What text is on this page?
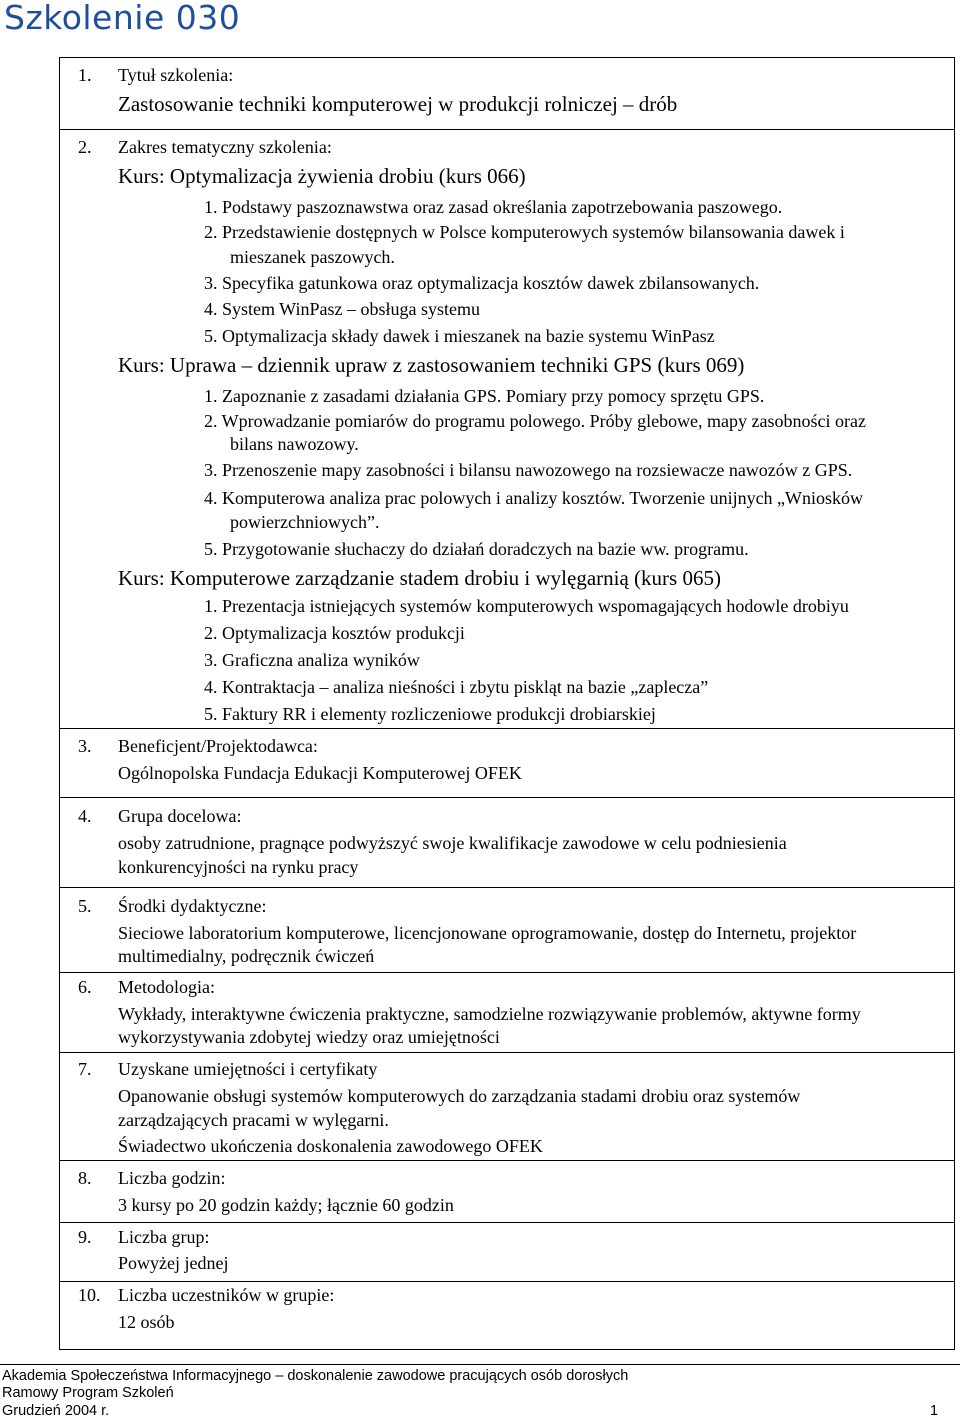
Szkolenie 030
1. Tytuł szkolenia:
Zastosowanie techniki komputerowej w produkcji rolniczej – drób
2. Zakres tematyczny szkolenia:
Kurs: Optymalizacja żywienia drobiu (kurs 066)
1. Podstawy paszoznawstwa oraz zasad określania zapotrzebowania paszowego.
2. Przedstawienie dostępnych w Polsce komputerowych systemów bilansowania dawek i
mieszanek paszowych.
3. Specyfika gatunkowa oraz optymalizacja kosztów dawek zbilansowanych.
4. System WinPasz – obsługa systemu
5. Optymalizacja składy dawek i mieszanek na bazie systemu WinPasz
Kurs: Uprawa – dziennik upraw z zastosowaniem techniki GPS (kurs 069)
1. Zapoznanie z zasadami działania GPS. Pomiary przy pomocy sprzętu GPS.
2. Wprowadzanie pomiarów do programu polowego. Próby glebowe, mapy zasobności oraz
bilans nawozowy.
3. Przenoszenie mapy zasobności i bilansu nawozowego na rozsiewacze nawozów z GPS.
4. Komputerowa analiza prac polowych i analizy kosztów. Tworzenie unijnych „Wniosków
powierzchniowych”.
5. Przygotowanie słuchaczy do działań doradczych na bazie ww. programu.
Kurs: Komputerowe zarządzanie stadem drobiu i wylęgarnią (kurs 065)
1. Prezentacja istniejących systemów komputerowych wspomagających hodowle drobiyu
2. Optymalizacja kosztów produkcji
3. Graficzna analiza wyników
4. Kontraktacja – analiza nieśności i zbytu piskląt na bazie „zaplecza”
5. Faktury RR i elementy rozliczeniowe produkcji drobiarskiej
3. Beneficjent/Projektodawca:
Ogólnopolska Fundacja Edukacji Komputerowej OFEK
4. Grupa docelowa:
osoby zatrudnione, pragnące podwyższyć swoje kwalifikacje zawodowe w celu podniesienia
konkurencyjności na rynku pracy
5. Środki dydaktyczne:
Sieciowe laboratorium komputerowe, licencjonowane oprogramowanie, dostęp do Internetu, projektor
multimedialny, podręcznik ćwiczeń
6. Metodologia:
Wykłady, interaktywne ćwiczenia praktyczne, samodzielne rozwiązywanie problemów, aktywne formy
wykorzystywania zdobytej wiedzy oraz umiejętności
7. Uzyskane umiejętności i certyfikaty
Opanowanie obsługi systemów komputerowych do zarządzania stadami drobiu oraz systemów
zarządzających pracami w wylęgarni.
Świadectwo ukończenia doskonalenia zawodowego OFEK
8. Liczba godzin:
3 kursy po 20 godzin każdy; łącznie 60 godzin
9. Liczba grup:
Powyżej jednej
10. Liczba uczestników w grupie:
12 osób
Akademia Społeczeństwa Informacyjnego – doskonalenie zawodowe pracujących osób dorosłych
Ramowy Program Szkoleń
Grudzień 2004 r.	1
